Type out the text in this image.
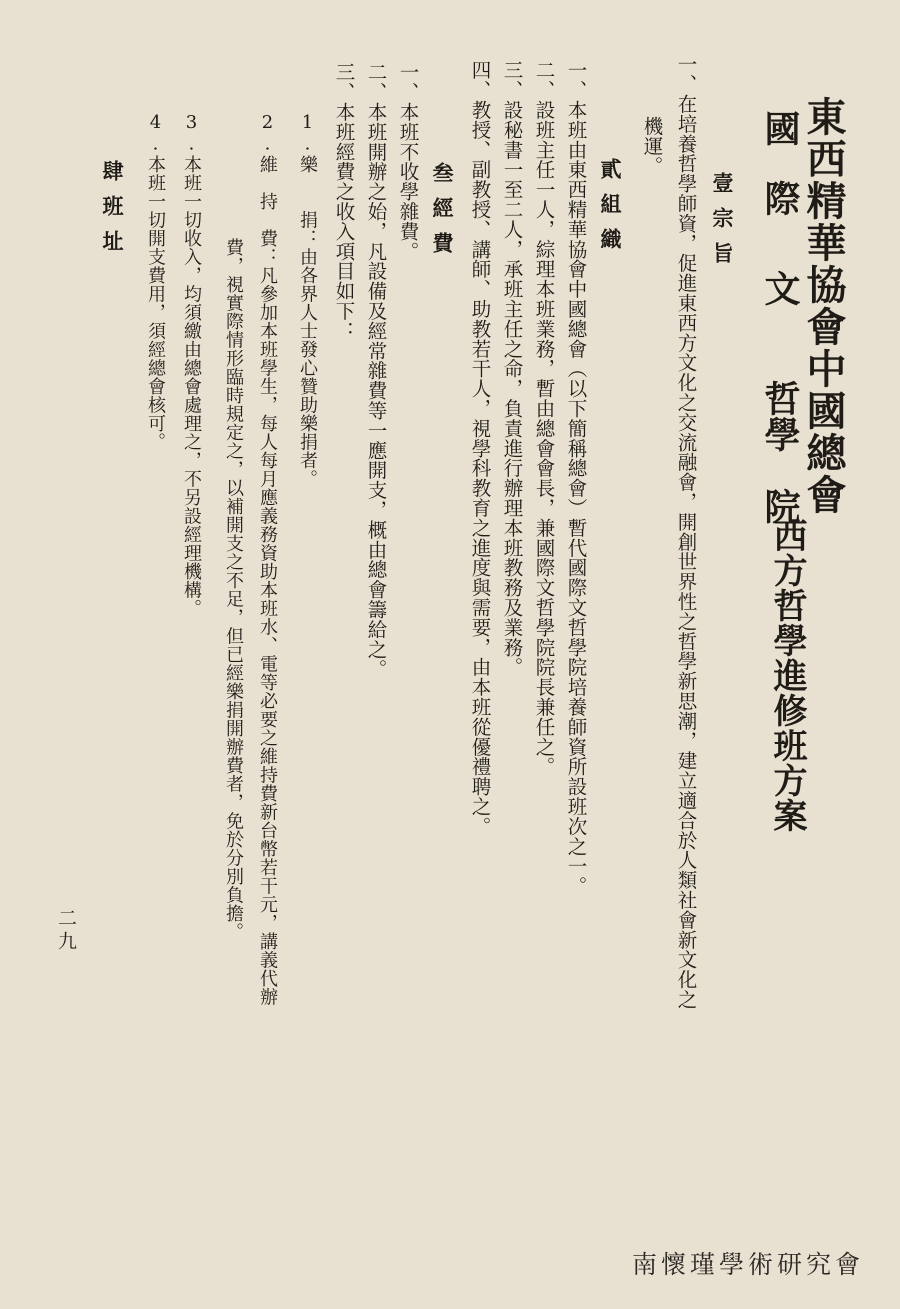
東西精華協會中國總會
國
際
文
哲
學
院
西方哲學進修班方案
壹宗旨
一、在培養哲學師資，促進東西方文化之交流融會，開創世界性之哲學新思潮，建立適合於人類社會新文化之
機運。
貳組織
一、本班由東西精華協會中國總會（以下簡稱總會）暫代國際文哲學院培養師資所設班次之一。
二、設班主任一人，綜理本班業務，暫由總會會長，兼國際文哲學院院長兼任之。
三、設秘書一至二人，承班主任之命，負責進行辦理本班教務及業務。
四、教授、副教授、講師、助教若干人，視學科教育之進度與需要，由本班從優禮聘之。
叁經費
一、本班不收學雜費。
二、本班開辦之始，凡設備及經常雜費等一應開支，概由總會籌給之。
三、本班經費之收入項目如下：
1.樂　　捐：由各界人士發心贊助樂捐者。
2.維　持　費：凡參加本班學生，每人每月應義務資助本班水、電等必要之維持費新台幣若干元，講義代辦
費，視實際情形臨時規定之，以補開支之不足，但已經樂捐開辦費者，免於分別負擔。
3.本班一切收入，均須繳由總會處理之，不另設經理機構。
4.本班一切開支費用，須經總會核可。
肆班址
二九
南懷瑾學術研究會
